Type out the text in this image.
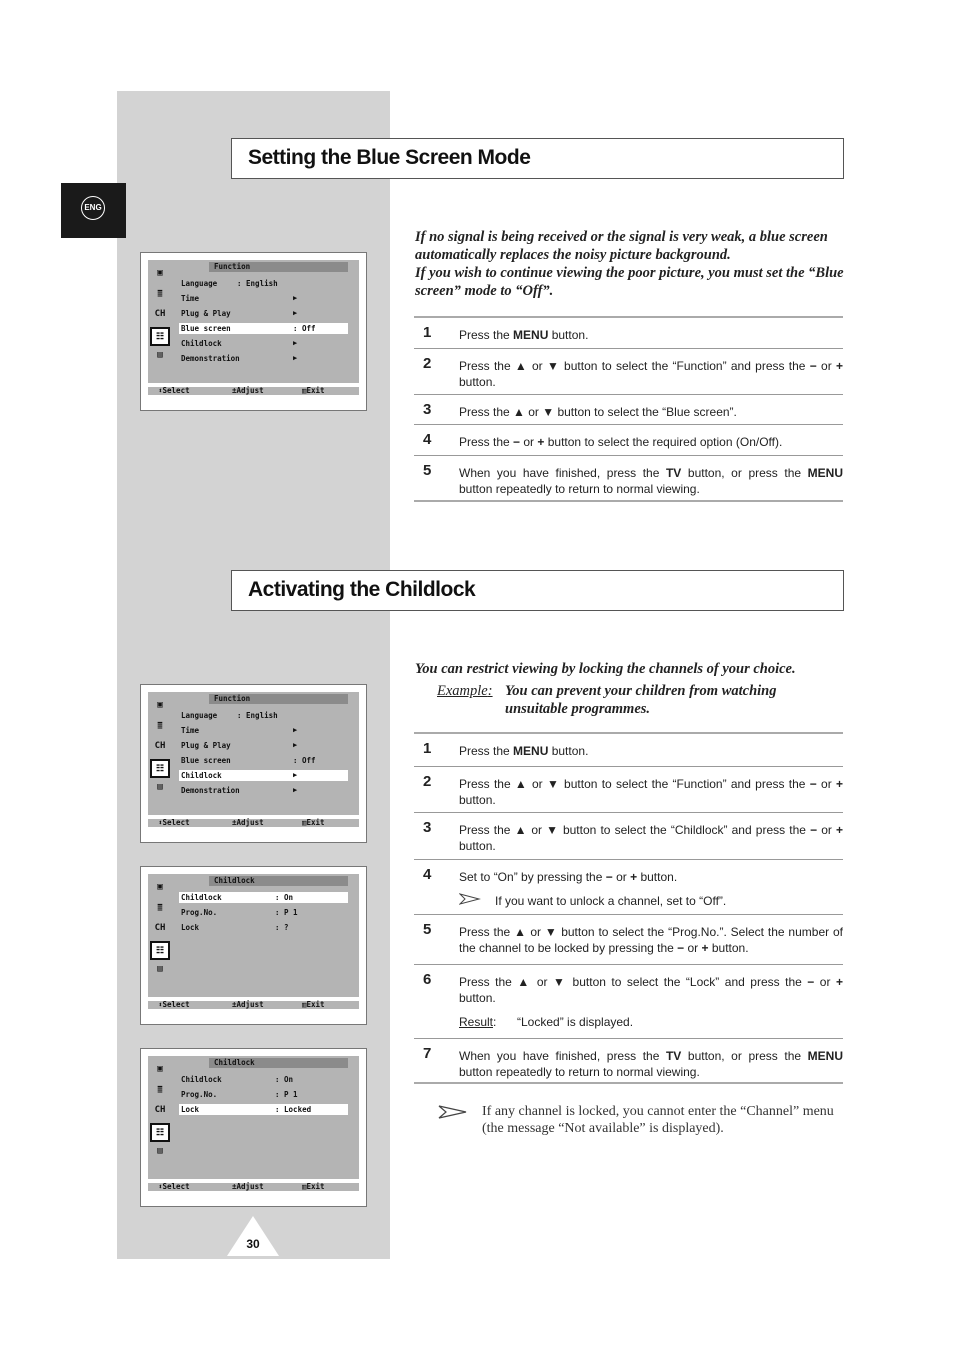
ENG
Setting the Blue Screen Mode

If no signal is being received or the signal is very weak, a blue screen automatically replaces the noisy picture background.

If you wish to continue viewing the poor picture, you must set the “Blue screen” mode to “Off”.

1 Press the MENU button.
2 Press the ▲ or ▼ button to select the “Function” and press the − or + button.
3 Press the ▲ or ▼ button to select the “Blue screen”.
4 Press the − or + button to select the required option (On/Off).
5 When you have finished, press the TV button, or press the MENU button repeatedly to return to normal viewing.
Activating the Childlock

You can restrict viewing by locking the channels of your choice.

Example: You can prevent your children from watching unsuitable programmes.
1 Press the MENU button.
2 Press the ▲ or ▼ button to select the “Function” and press the − or + button.
3 Press the ▲ or ▼ button to select the “Childlock” and press the − or + button.
4 Set to “On” by pressing the − or + button.
If you want to unlock a channel, set to “Off”.
5 Press the ▲ or ▼ button to select the “Prog.No.”. Select the number of the channel to be locked by pressing the − or + button.
6 Press the ▲ or ▼ button to select the “Lock” and press the − or + button.
Result: “Locked” is displayed.
7 When you have finished, press the TV button, or press the MENU button repeatedly to return to normal viewing.
If any channel is locked, you cannot enter the “Channel” menu (the message “Not available” is displayed).
▣
≣
CH
☷
▤
Function
Language	: English
Time	▶
Plug & Play	▶
Blue screen	: Off
Childlock	▶
Demonstration	▶
⬍Select	±Adjust	▥Exit
▣
≣
CH
☷
▤
Function
Language	: English
Time	▶
Plug & Play	▶
Blue screen	: Off
Childlock	▶
Demonstration	▶
⬍Select	±Adjust	▥Exit
▣
≣
CH
☷
▤
Childlock
Childlock	: On
Prog.No.	: P 1
Lock	: ?
⬍Select	±Adjust	▥Exit
▣
≣
CH
☷
▤
Childlock
Childlock	: On
Prog.No.	: P 1
Lock	: Locked
⬍Select	±Adjust	▥Exit
30
